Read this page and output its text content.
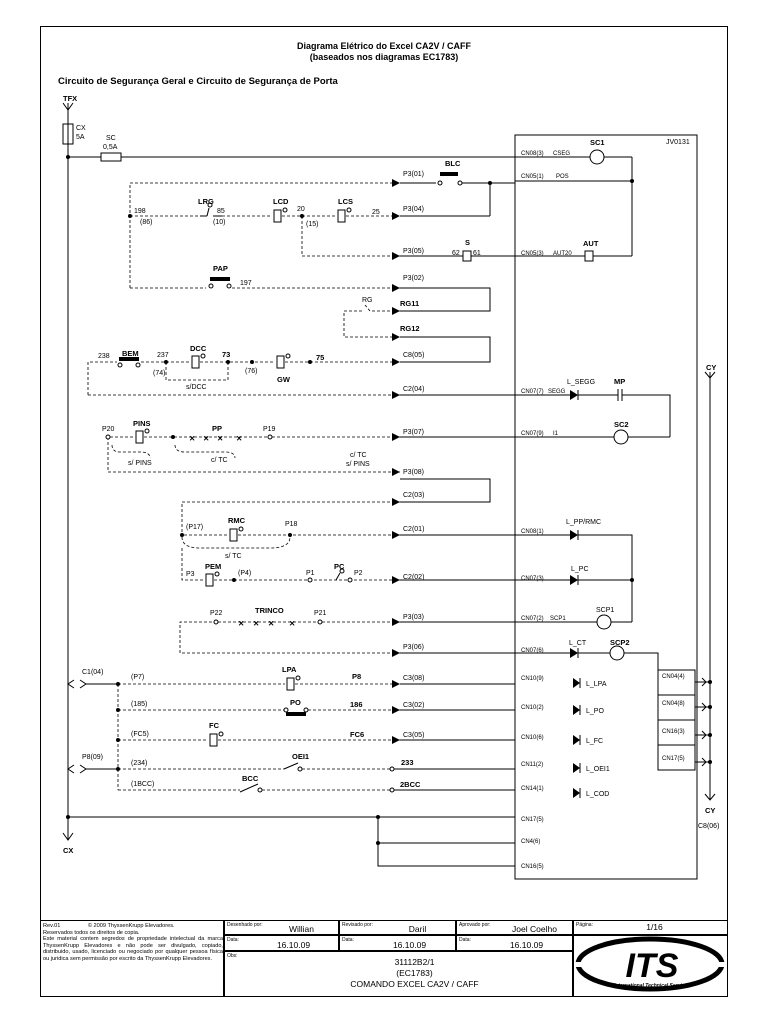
Diagrama Elétrico do Excel CA2V / CAFF
(baseados nos diagramas EC1783)
Circuito de Segurança Geral e Circuito de Segurança de Porta
TFX
CX
5A	SC
0,5A
CX
C1(04)
P8(09)
CY
CY
C8(06)
JV0131
CN08(3) CSEG
CN05(1) POS
CN05(3) AUT20
CN07(7) SEGG
CN07(9) I1
CN08(1)
CN07(3)
CN07(2) SCP1
CN07(6)
CN10(9)
CN10(2)
CN10(6)
CN11(2)
CN14(1)
CN17(5)
CN4(6)
CN16(5)
SC1
AUT
L_SEGG	MP
SC2
L_PP/RMC
L_PC
SCP1
L_CT	SCP2
L_LPA
L_PO
L_FC
L_OEI1
L_COD
CN04(4)
CN04(8)
CN16(3)
CN17(5)
P3(01)
BLC
198
(86)
LRG
85
(10)
LCD
20
(15)
LCS
25	P3(04)
P3(05)
S
62 61
PAP
197
P3(02)
RG	RG11
RG12
238 BEM	237
(74)
DCC
s/DCC
73
(76)
GW
75	C8(05)
C2(04)
P20
PINS
✕ ✕ ✕ ✕
PP	P19	P3(07)
s/ PINS	c/ TC
c/ TC
s/ PINS
P3(08)
C2(03)
(P17)
RMC	P18
s/ TC
C2(01)
P3
PEM
(P4)	P1
PC
P2
C2(02)
P22
✕ ✕ ✕ ✕
TRINCO	P21
P3(03)
P3(06)
(P7)
LPA
P8	C3(08)
(185)	PO	186	C3(02)
(FC5)
FC
FC6	C3(05)
(234)
OEI1
233
(1BCC)
BCC
2BCC
Rev.01	© 2009 ThyssenKrupp Elevadores.
Reservados todos os direitos de copia.

Este material contem segredos de propriedade intelectual da marca ThyssenKrupp Elevadores e não pode ser divulgado, copiado, distribuido, usado, licenciado ou negociado por qualquer pessoa física ou juridica sem permissão por escrito da ThyssenKrupp Elevadores.
Desenhado por:	Willian	Revisado por:	Daril	Aprovado por:	Joel Coelho	Página:	1/16
Data:	16.10.09	Data:	16.10.09	Data:	16.10.09
Obs:
31112B2/1
(EC1783)
COMANDO EXCEL CA2V / CAFF	ITS
International Technical Services
